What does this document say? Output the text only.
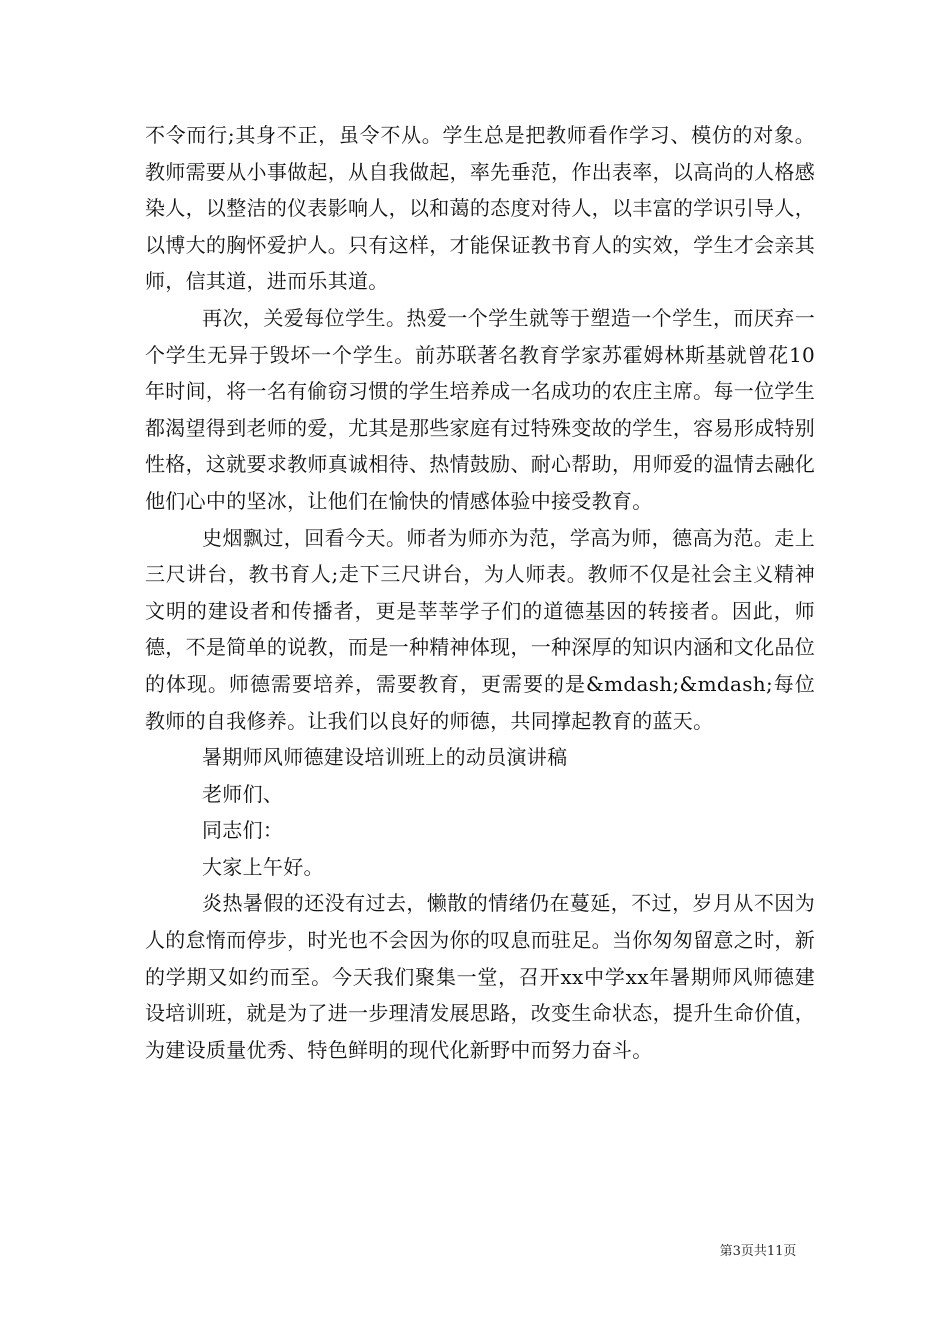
不令而行;其身不正，虽令不从。学生总是把教师看作学习、模仿的对象。教师需要从小事做起，从自我做起，率先垂范，作出表率，以高尚的人格感染人，以整洁的仪表影响人，以和蔼的态度对待人，以丰富的学识引导人，以博大的胸怀爱护人。只有这样，才能保证教书育人的实效，学生才会亲其师，信其道，进而乐其道。

再次，关爱每位学生。热爱一个学生就等于塑造一个学生，而厌弃一个学生无异于毁坏一个学生。前苏联著名教育学家苏霍姆林斯基就曾花10年时间，将一名有偷窃习惯的学生培养成一名成功的农庄主席。每一位学生都渴望得到老师的爱，尤其是那些家庭有过特殊变故的学生，容易形成特别性格，这就要求教师真诚相待、热情鼓励、耐心帮助，用师爱的温情去融化他们心中的坚冰，让他们在愉快的情感体验中接受教育。

史烟飘过，回看今天。师者为师亦为范，学高为师，德高为范。走上三尺讲台，教书育人;走下三尺讲台，为人师表。教师不仅是社会主义精神文明的建设者和传播者，更是莘莘学子们的道德基因的转接者。因此，师德，不是简单的说教，而是一种精神体现，一种深厚的知识内涵和文化品位的体现。师德需要培养，需要教育，更需要的是&mdash;&mdash;每位教师的自我修养。让我们以良好的师德，共同撑起教育的蓝天。

暑期师风师德建设培训班上的动员演讲稿

老师们、

同志们：

大家上午好。

炎热暑假的还没有过去，懒散的情绪仍在蔓延，不过，岁月从不因为人的怠惰而停步，时光也不会因为你的叹息而驻足。当你匆匆留意之时，新的学期又如约而至。今天我们聚集一堂，召开xx中学xx年暑期师风师德建设培训班，就是为了进一步理清发展思路，改变生命状态，提升生命价值，为建设质量优秀、特色鲜明的现代化新野中而努力奋斗。

第3页共11页
